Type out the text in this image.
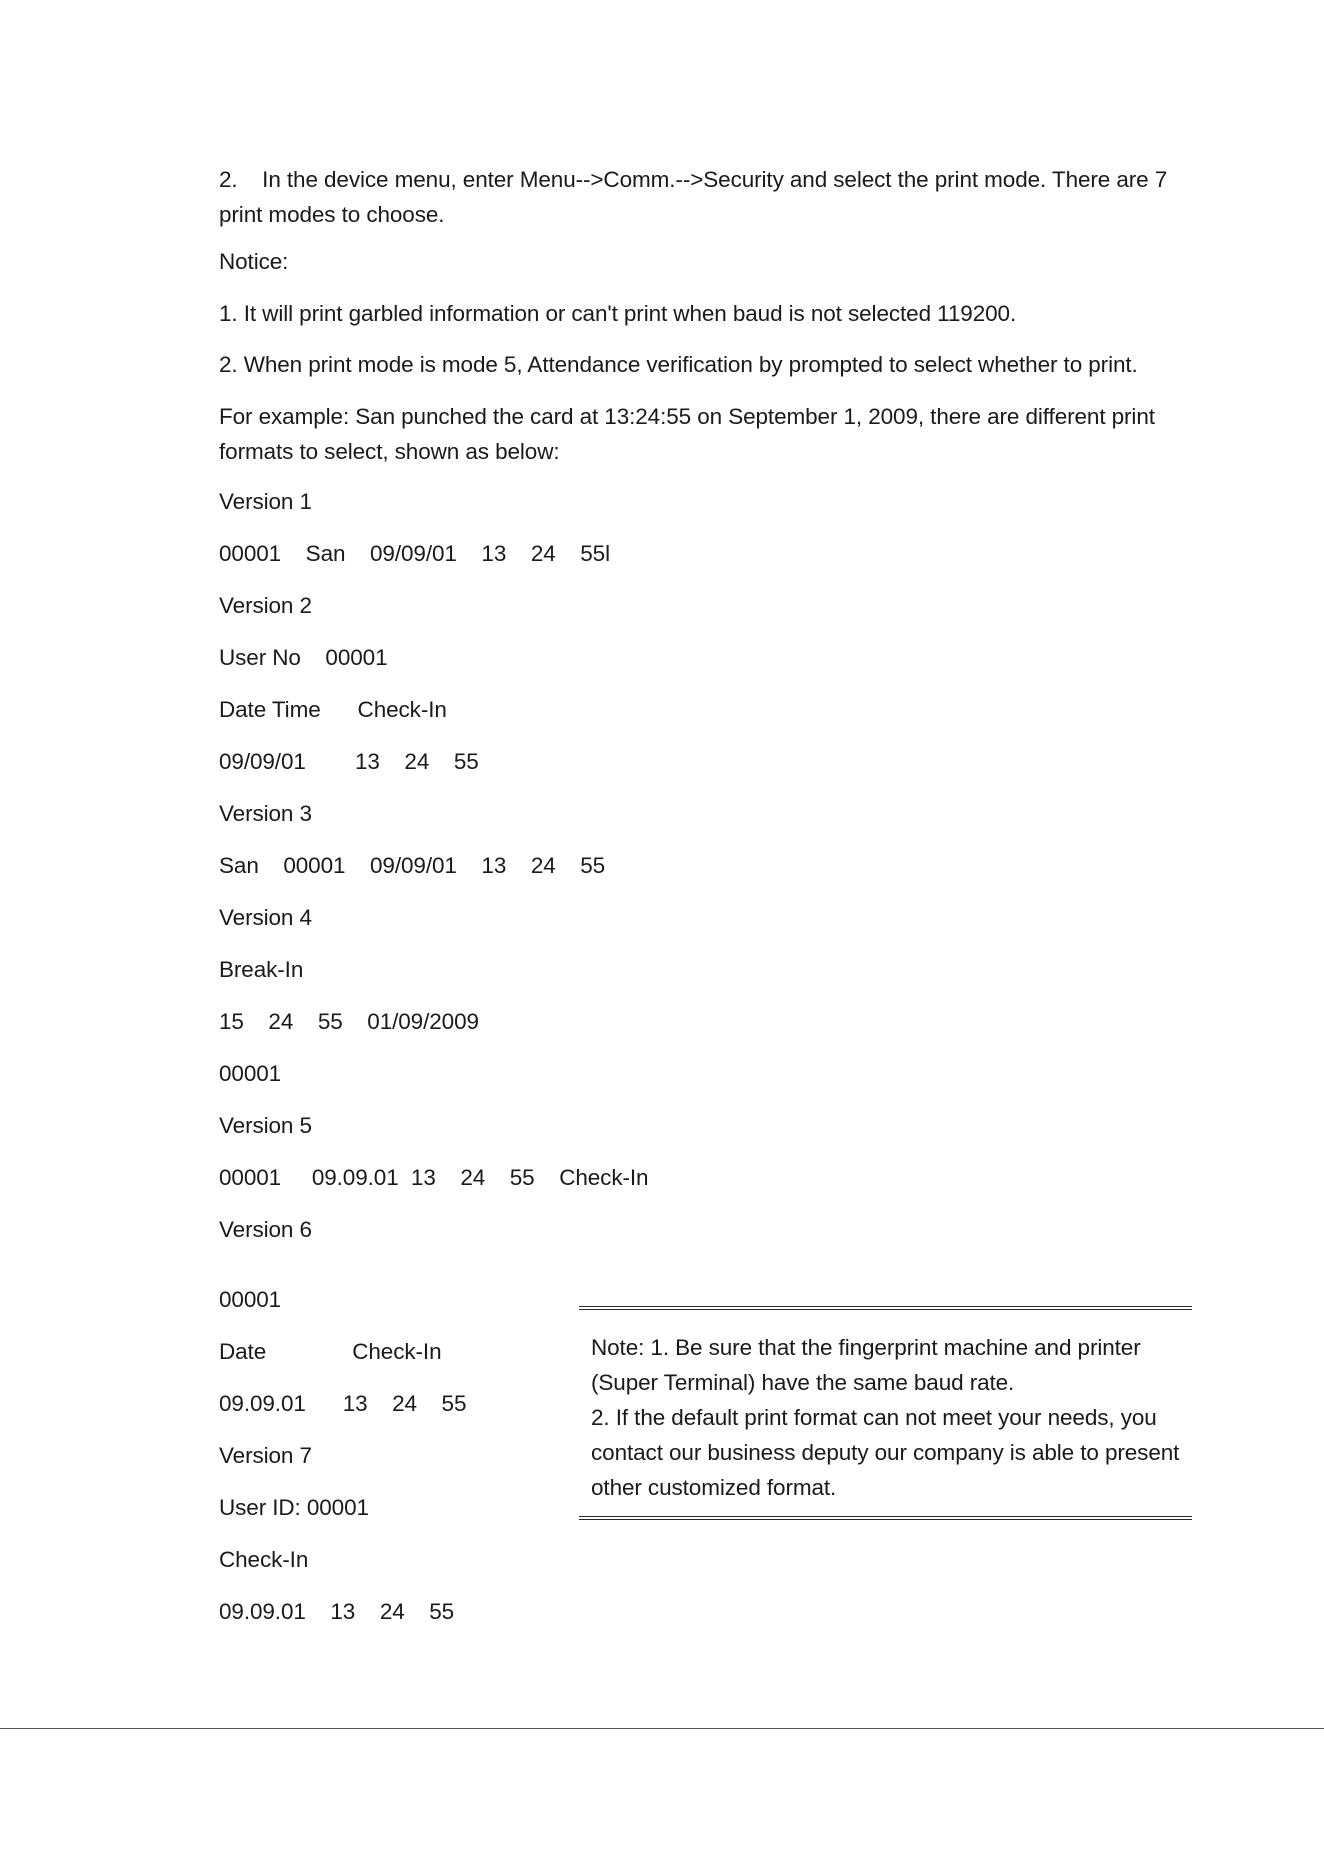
2.    In the device menu, enter Menu-->Comm.-->Security and select the print mode. There are 7 print modes to choose.

Notice:

1. It will print garbled information or can't print when baud is not selected 119200.

2. When print mode is mode 5, Attendance verification by prompted to select whether to print.

For example: San punched the card at 13:24:55 on September 1, 2009, there are different print formats to select, shown as below:

Version 1

00001    San    09/09/01    13    24    55l

Version 2

User No    00001

Date Time      Check-In

09/09/01        13    24    55

Version 3

San    00001    09/09/01    13    24    55

Version 4

Break-In

15    24    55    01/09/2009

00001

Version 5

00001     09.09.01  13    24    55    Check-In

Version 6

00001

Date              Check-In

09.09.01      13    24    55

Version 7

User ID: 00001

Check-In

09.09.01    13    24    55

Note: 1. Be sure that the fingerprint machine and printer (Super Terminal) have the same baud rate.
2. If the default print format can not meet your needs, you contact our business deputy our company is able to present other customized format.
